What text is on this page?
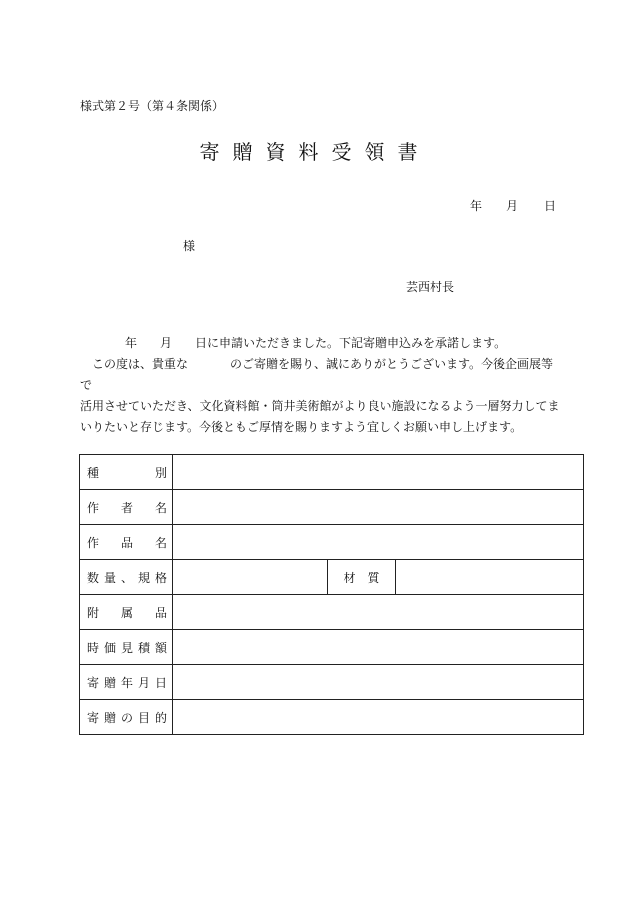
様式第２号（第４条関係）
寄贈資料受領書
年 月 日
様
芸西村長

年 月 日に申請いただきました。下記寄贈申込みを承諾します。

この度は、貴重な	のご寄贈を賜り、誠にありがとうございます。今後企画展等で

活用させていただき、文化資料館・筒井美術館がより良い施設になるよう一層努力してま

いりたいと存じます。今後ともご厚情を賜りますよう宜しくお願い申し上げます。

種　　別			
作 者 名			
作 品 名			
数量、規格		材　質	
附 属 品			
時価見積額			
寄贈年月日			
寄贈の目的			
